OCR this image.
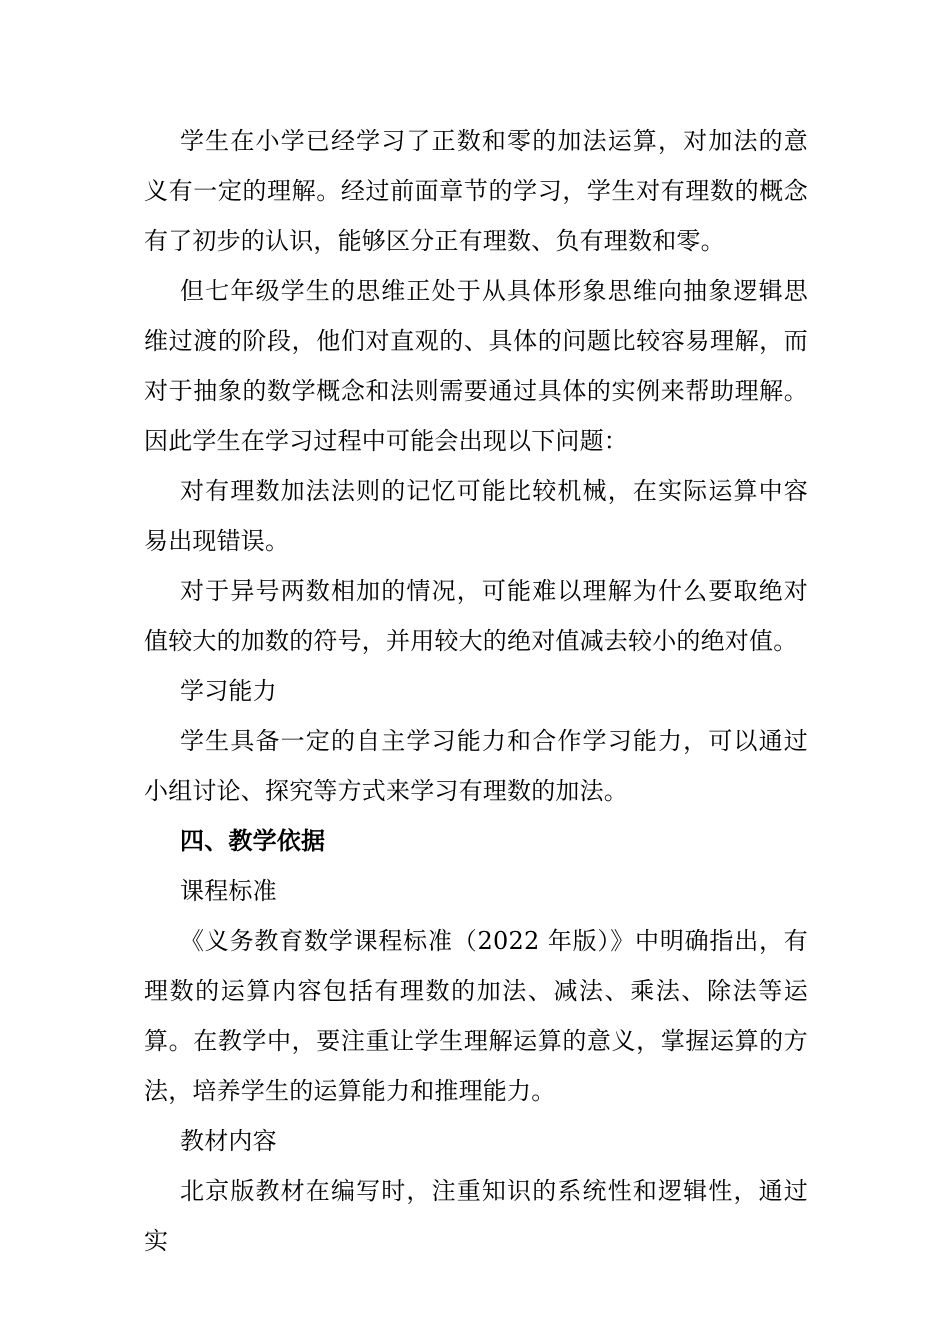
学生在小学已经学习了正数和零的加法运算，对加法的意义有一定的理解。经过前面章节的学习，学生对有理数的概念有了初步的认识，能够区分正有理数、负有理数和零。

但七年级学生的思维正处于从具体形象思维向抽象逻辑思维过渡的阶段，他们对直观的、具体的问题比较容易理解，而对于抽象的数学概念和法则需要通过具体的实例来帮助理解。因此学生在学习过程中可能会出现以下问题：

对有理数加法法则的记忆可能比较机械，在实际运算中容易出现错误。

对于异号两数相加的情况，可能难以理解为什么要取绝对值较大的加数的符号，并用较大的绝对值减去较小的绝对值。

学习能力

学生具备一定的自主学习能力和合作学习能力，可以通过小组讨论、探究等方式来学习有理数的加法。

四、教学依据

课程标准

《义务教育数学课程标准（2022 年版）》中明确指出，有理数的运算内容包括有理数的加法、减法、乘法、除法等运算。在教学中，要注重让学生理解运算的意义，掌握运算的方法，培养学生的运算能力和推理能力。

教材内容

北京版教材在编写时，注重知识的系统性和逻辑性，通过实
